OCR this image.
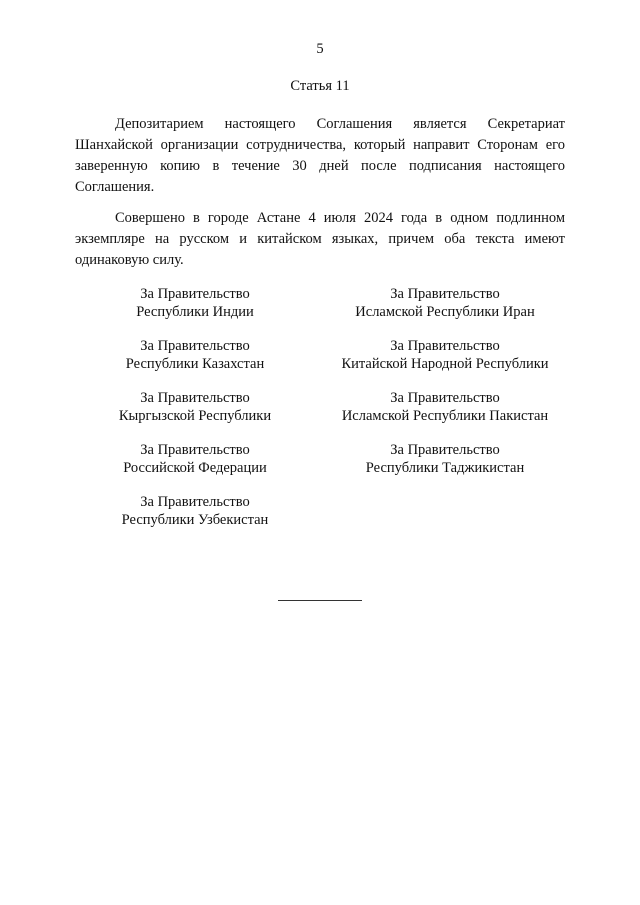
5
Статья 11

Депозитарием настоящего Соглашения является Секретариат Шанхайской организации сотрудничества, который направит Сторонам его заверенную копию в течение 30 дней после подписания настоящего Соглашения.

Совершено в городе Астане 4 июля 2024 года в одном подлинном экземпляре на русском и китайском языках, причем оба текста имеют одинаковую силу.

За Правительство
Республики Индии
За Правительство
Республики Казахстан
За Правительство
Кыргызской Республики
За Правительство
Российской Федерации
За Правительство
Республики Узбекистан
За Правительство
Исламской Республики Иран
За Правительство
Китайской Народной Республики
За Правительство
Исламской Республики Пакистан
За Правительство
Республики Таджикистан
